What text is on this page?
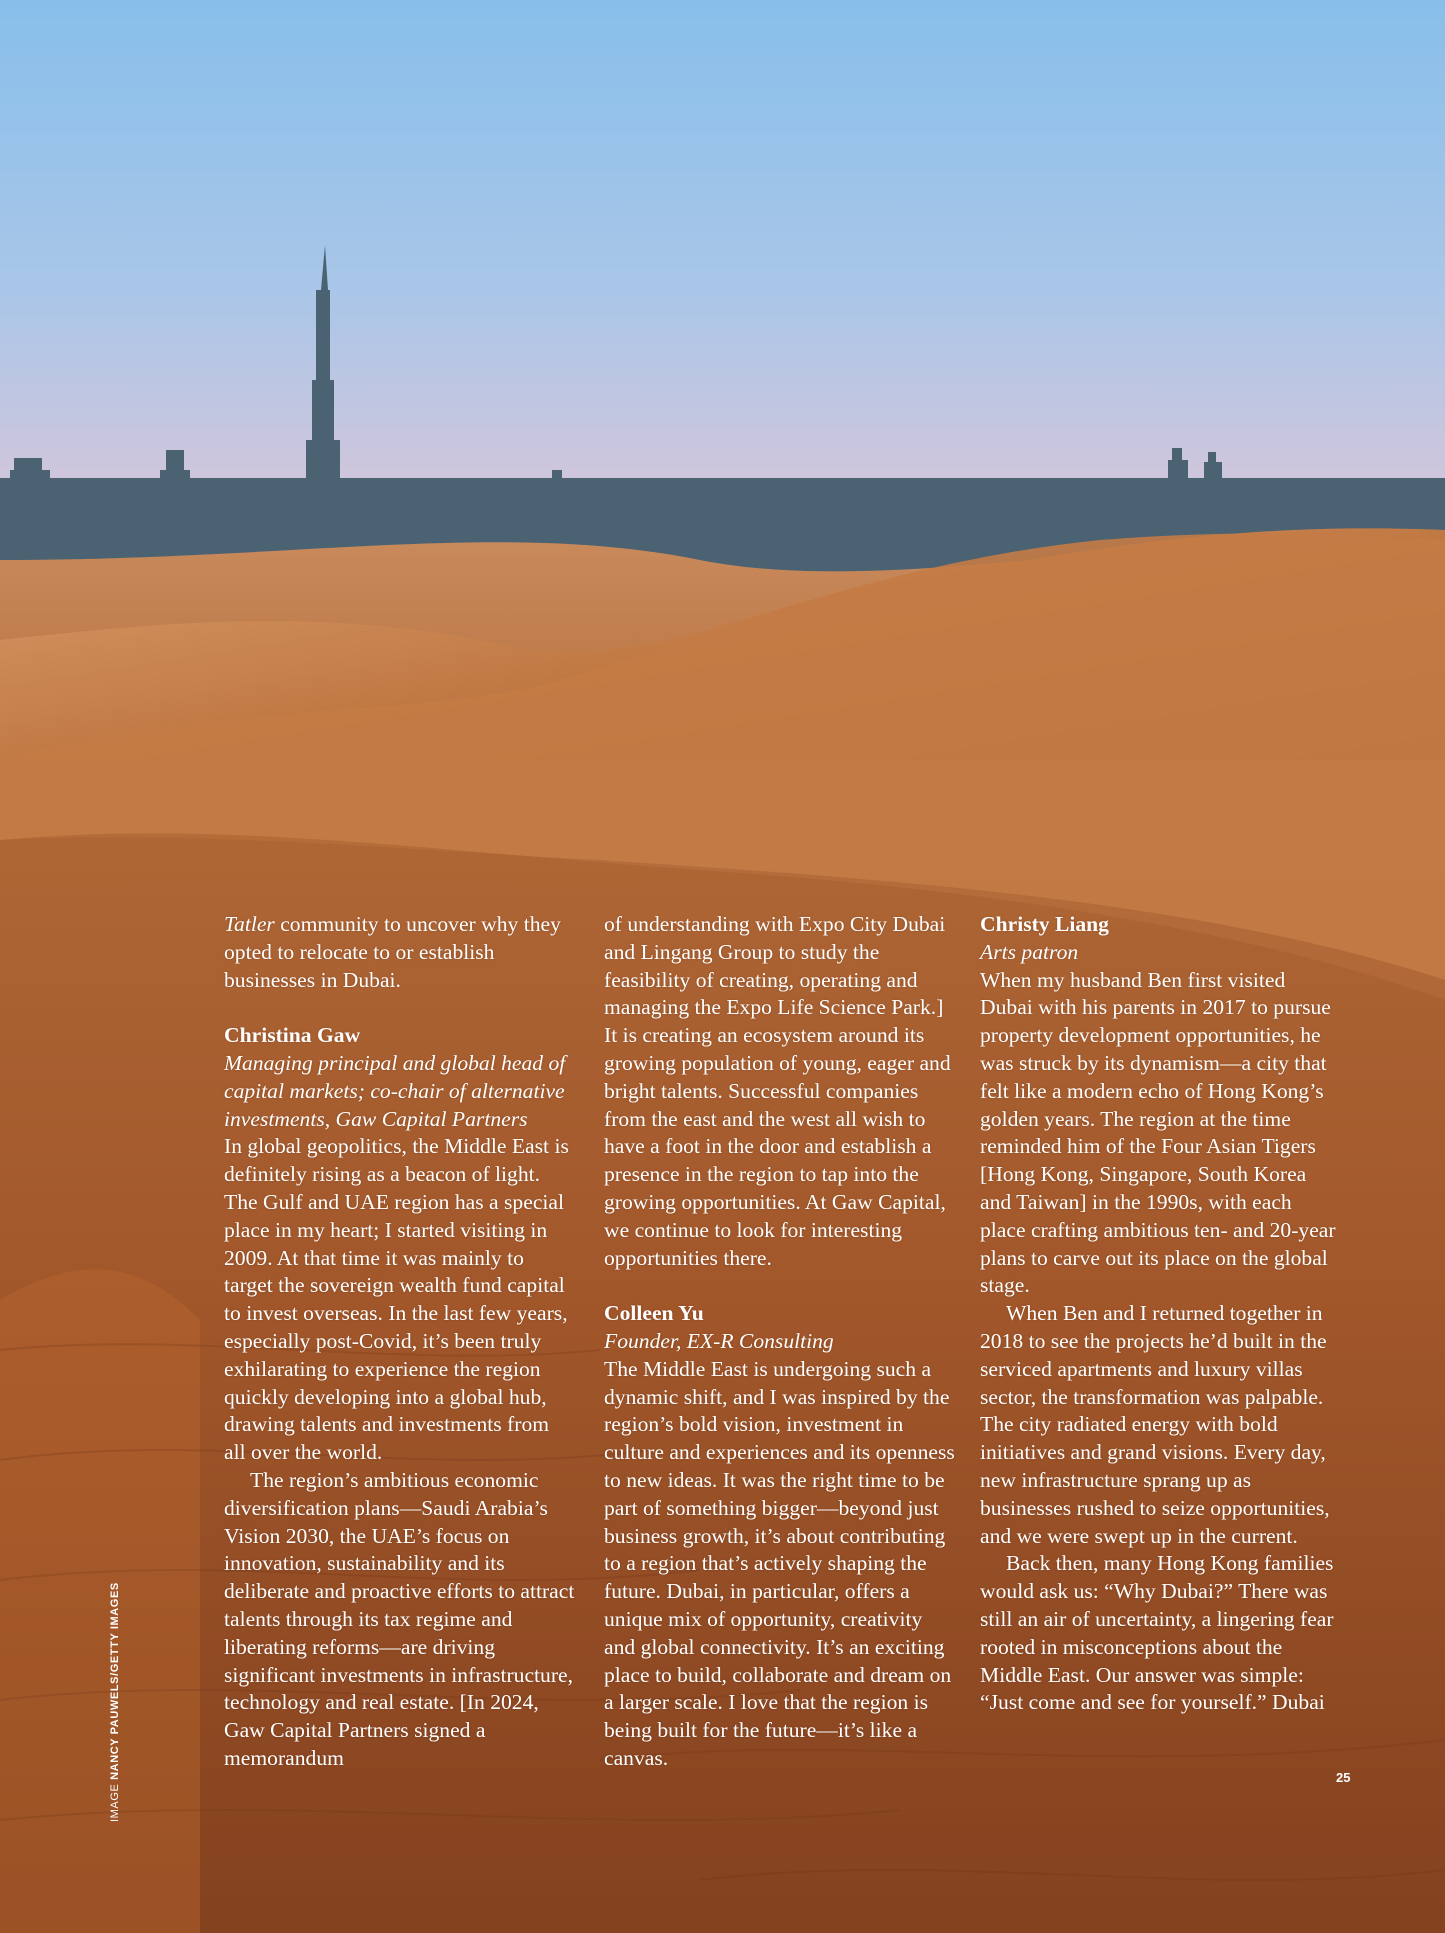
Tatler community to uncover why they opted to relocate to or establish businesses in Dubai.

Christina Gaw

Managing principal and global head of capital markets; co-chair of alternative investments, Gaw Capital Partners

In global geopolitics, the Middle East is definitely rising as a beacon of light. The Gulf and UAE region has a special place in my heart; I started visiting in 2009. At that time it was mainly to target the sovereign wealth fund capital to invest overseas. In the last few years, especially post-Covid, it’s been truly exhilarating to experience the region quickly developing into a global hub, drawing talents and investments from all over the world.

The region’s ambitious economic diversification plans—Saudi Arabia’s Vision 2030, the UAE’s focus on innovation, sustainability and its deliberate and proactive efforts to attract talents through its tax regime and liberating reforms—are driving significant investments in infrastructure, technology and real estate. [In 2024, Gaw Capital Partners signed a memorandum

of understanding with Expo City Dubai and Lingang Group to study the feasibility of creating, operating and managing the Expo Life Science Park.] It is creating an ecosystem around its growing population of young, eager and bright talents. Successful companies from the east and the west all wish to have a foot in the door and establish a presence in the region to tap into the growing opportunities. At Gaw Capital, we continue to look for interesting opportunities there.

Colleen Yu

Founder, EX-R Consulting

The Middle East is undergoing such a dynamic shift, and I was inspired by the region’s bold vision, investment in culture and experiences and its openness to new ideas. It was the right time to be part of something bigger—beyond just business growth, it’s about contributing to a region that’s actively shaping the future. Dubai, in particular, offers a unique mix of opportunity, creativity and global connectivity. It’s an exciting place to build, collaborate and dream on a larger scale. I love that the region is being built for the future—it’s like a canvas.

Christy Liang

Arts patron

When my husband Ben first visited Dubai with his parents in 2017 to pursue property development opportunities, he was struck by its dynamism—a city that felt like a modern echo of Hong Kong’s golden years. The region at the time reminded him of the Four Asian Tigers [Hong Kong, Singapore, South Korea and Taiwan] in the 1990s, with each place crafting ambitious ten- and 20-year plans to carve out its place on the global stage.

When Ben and I returned together in 2018 to see the projects he’d built in the serviced apartments and luxury villas sector, the transformation was palpable. The city radiated energy with bold initiatives and grand visions. Every day, new infrastructure sprang up as businesses rushed to seize opportunities, and we were swept up in the current.

Back then, many Hong Kong families would ask us: “Why Dubai?” There was still an air of uncertainty, a lingering fear rooted in misconceptions about the Middle East. Our answer was simple: “Just come and see for yourself.” Dubai

IMAGE NANCY PAUWELS/GETTY IMAGES	25
